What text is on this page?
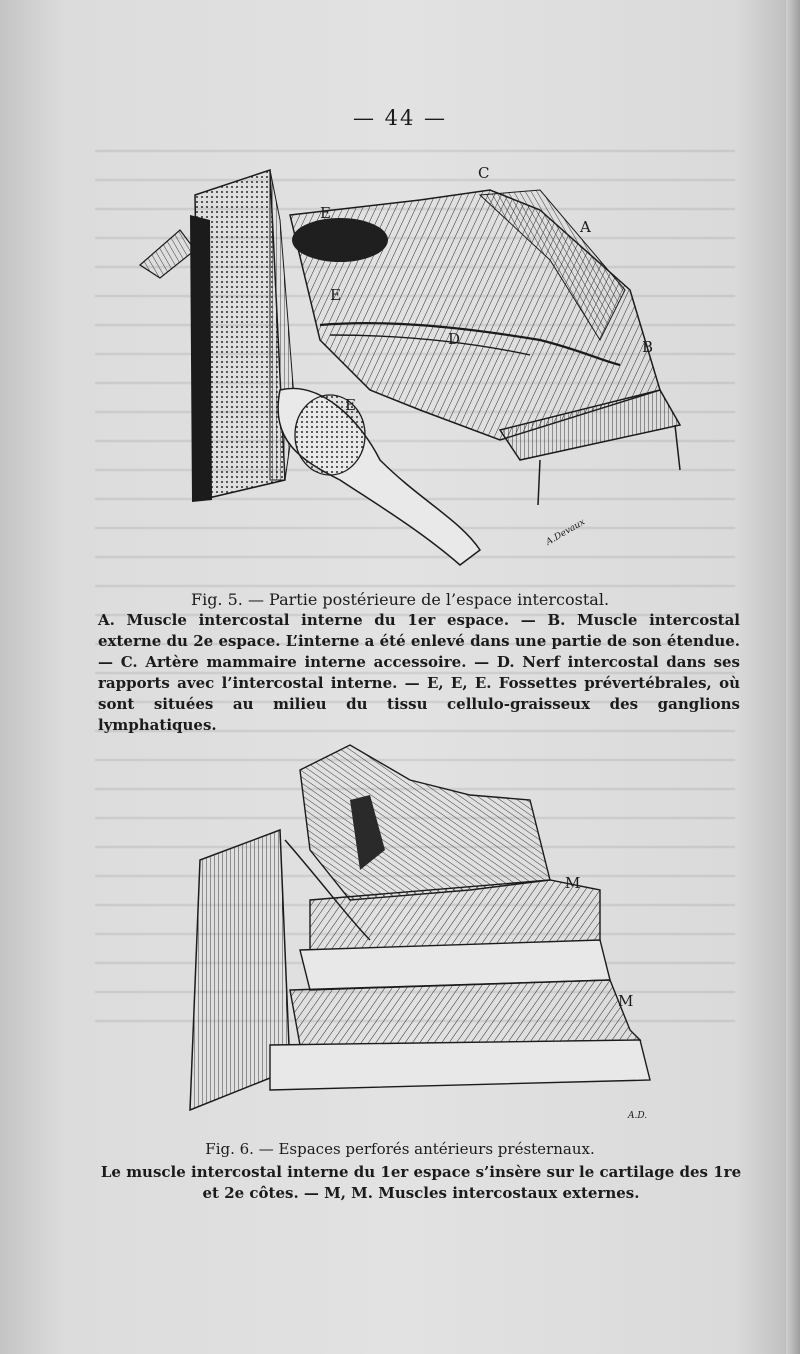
— 44 —
E
E
E
C
A
B
D
A.Devaux
Fig. 5. — Partie postérieure de l’espace intercostal.
A. Muscle intercostal interne du 1er espace. — B. Muscle intercostal externe du 2e espace. L’interne a été enlevé dans une partie de son étendue. — C. Artère mammaire interne accessoire. — D. Nerf intercostal dans ses rapports avec l’intercostal interne. — E, E, E. Fossettes prévertébrales, où sont situées au milieu du tissu cellulo-graisseux des ganglions lymphatiques.
M
M
A.D.
Fig. 6. — Espaces perforés antérieurs présternaux.
Le muscle intercostal interne du 1er espace s’insère sur le cartilage des 1re et 2e côtes. — M, M. Muscles intercostaux externes.
